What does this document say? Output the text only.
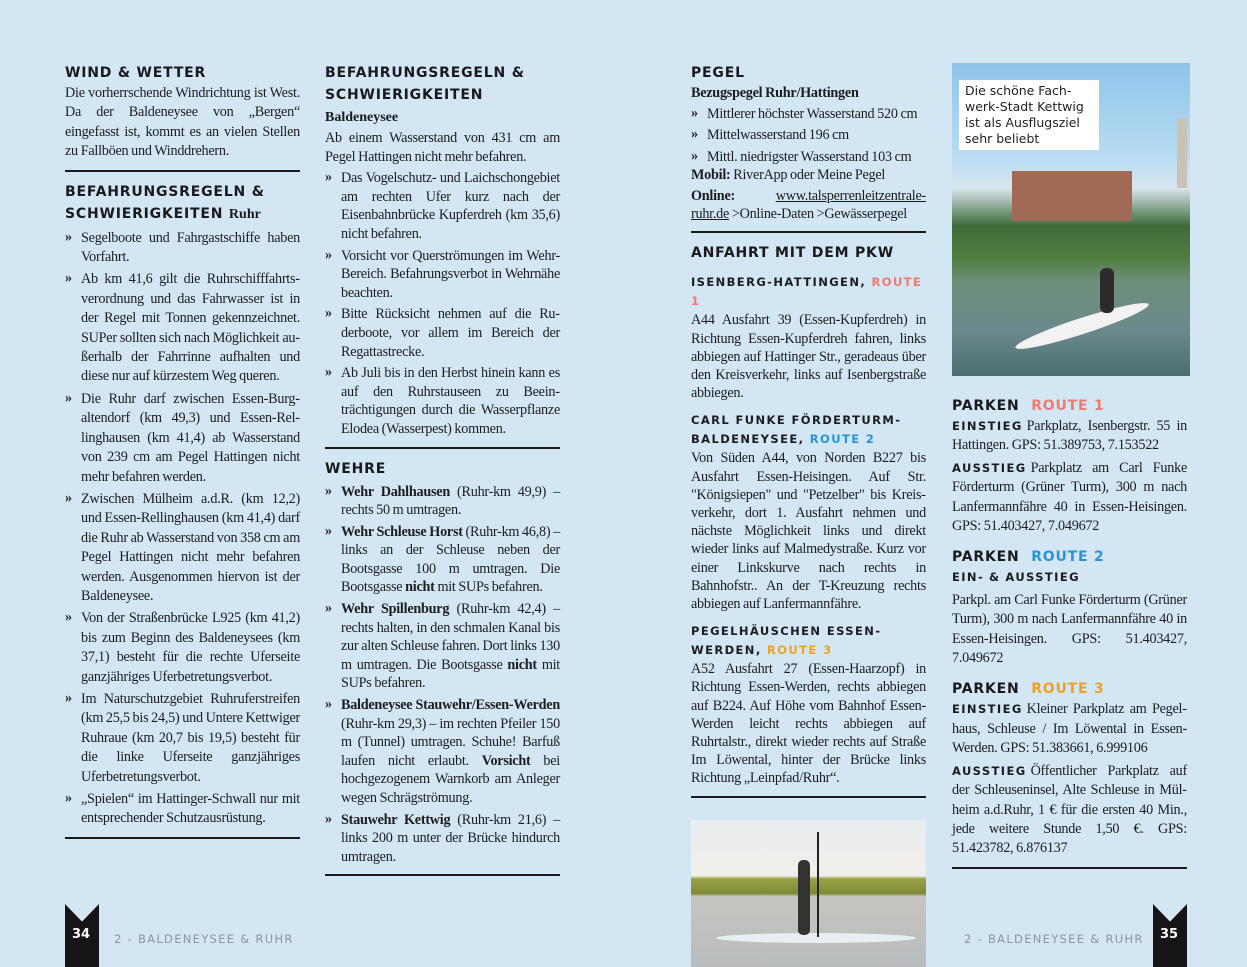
WIND & WETTER
Die vorherrschende Windrichtung ist West. Da der Baldeneysee von „Bergen“ eingefasst ist, kommt es an vielen Stellen zu Fallböen und Winddrehern.
BEFAHRUNGSREGELN & SCHWIERIGKEITEN Ruhr
» Segelboote und Fahrgastschiffe haben Vorfahrt.
» Ab km 41,6 gilt die Ruhrschifffahrtsverordnung und das Fahrwasser ist in der Regel mit Tonnen gekennzeichnet. SUPer sollten sich nach Möglichkeit außerhalb der Fahrrinne aufhalten und diese nur auf kürzestem Weg queren.
» Die Ruhr darf zwischen Essen-Burgaltendorf (km 49,3) und Essen-Rellinghausen (km 41,4) ab Wasserstand von 239 cm am Pegel Hattingen nicht mehr befahren werden.
» Zwischen Mülheim a.d.R. (km 12,2) und Essen-Rellinghausen (km 41,4) darf die Ruhr ab Wasserstand von 358 cm am Pegel Hattingen nicht mehr befahren werden. Ausgenommen hiervon ist der Baldeneysee.
» Von der Straßenbrücke L925 (km 41,2) bis zum Beginn des Baldeneysees (km 37,1) besteht für die rechte Uferseite ganzjähriges Uferbetretungsverbot.
» Im Naturschutzgebiet Ruhruferstreifen (km 25,5 bis 24,5) und Untere Kettwiger Ruhraue (km 20,7 bis 19,5) besteht für die linke Uferseite ganzjähriges Uferbetretungsverbot.
» „Spielen“ im Hattinger-Schwall nur mit entsprechender Schutzausrüstung.
BEFAHRUNGSREGELN & SCHWIERIGKEITEN Baldeneysee
Ab einem Wasserstand von 431 cm am Pegel Hattingen nicht mehr befahren.
» Das Vogelschutz- und Laichschongebiet am rechten Ufer kurz nach der Eisenbahnbrücke Kupferdreh (km 35,6) nicht befahren.
» Vorsicht vor Querströmungen im Wehr-Bereich. Befahrungsverbot in Wehrnähe beachten.
» Bitte Rücksicht nehmen auf die Ruderboote, vor allem im Bereich der Regattastrecke.
» Ab Juli bis in den Herbst hinein kann es auf den Ruhrstauseen zu Beeinträchtigungen durch die Wasserpflanze Elodea (Wasserpest) kommen.
WEHRE
» Wehr Dahlhausen (Ruhr-km 49,9) – rechts 50 m umtragen.
» Wehr Schleuse Horst (Ruhr-km 46,8) – links an der Schleuse neben der Bootsgasse 100 m umtragen. Die Bootsgasse nicht mit SUPs befahren.
» Wehr Spillenburg (Ruhr-km 42,4) – rechts halten, in den schmalen Kanal bis zur alten Schleuse fahren. Dort links 130 m umtragen. Die Bootsgasse nicht mit SUPs befahren.
» Baldeneysee Stauwehr/Essen-Werden (Ruhr-km 29,3) – im rechten Pfeiler 150 m (Tunnel) umtragen. Schuhe! Barfuß laufen nicht erlaubt. Vorsicht bei hochgezogenem Warnkorb am Anleger wegen Schrägströmung.
» Stauwehr Kettwig (Ruhr-km 21,6) – links 200 m unter der Brücke hindurch umtragen.
PEGEL
Bezugspegel Ruhr/Hattingen
» Mittlerer höchster Wasserstand 520 cm
» Mittelwasserstand 196 cm
» Mittl. niedrigster Wasserstand 103 cm
Mobil: RiverApp oder Meine Pegel
Online: www.talsperrenleitzentrale-ruhr.de >Online-Daten >Gewässerpegel
ANFAHRT MIT DEM PKW
ISENBERG-HATTINGEN, ROUTE 1
A44 Ausfahrt 39 (Essen-Kupferdreh) in Richtung Essen-Kupferdreh fahren, links abbiegen auf Hattinger Str., geradeaus über den Kreisverkehr, links auf Isenbergstraße abbiegen.
CARL FUNKE FÖRDERTURM-BALDENEYSEE, ROUTE 2
Von Süden A44, von Norden B227 bis Ausfahrt Essen-Heisingen. Auf Str. "Königsiepen" und "Petzelber" bis Kreisverkehr, dort 1. Ausfahrt nehmen und nächste Möglichkeit links und direkt wieder links auf Malmedystraße. Kurz vor einer Linkskurve nach rechts in Bahnhofstr.. An der T-Kreuzung rechts abbiegen auf Lanfermannfähre.
PEGELHÄUSCHEN ESSEN-WERDEN, ROUTE 3
A52 Ausfahrt 27 (Essen-Haarzopf) in Richtung Essen-Werden, rechts abbiegen auf B224. Auf Höhe vom Bahnhof Essen-Werden leicht rechts abbiegen auf Ruhrtalstr., direkt wieder rechts auf Straße Im Löwental, hinter der Brücke links Richtung „Leinpfad/Ruhr“.
PARKEN ROUTE 1
EINSTIEG Parkplatz, Isenbergstr. 55 in Hattingen. GPS: 51.389753, 7.153522
AUSSTIEG Parkplatz am Carl Funke Förderturm (Grüner Turm), 300 m nach Lanfermannfähre 40 in Essen-Heisingen. GPS: 51.403427, 7.049672
PARKEN ROUTE 2
EIN- & AUSSTIEG
Parkpl. am Carl Funke Förderturm (Grüner Turm), 300 m nach Lanfermannfähre 40 in Essen-Heisingen. GPS: 51.403427, 7.049672
PARKEN ROUTE 3
EINSTIEG Kleiner Parkplatz am Pegelhaus, Schleuse / Im Löwental in Essen-Werden. GPS: 51.383661, 6.999106
AUSSTIEG Öffentlicher Parkplatz auf der Schleuseninsel, Alte Schleuse in Mülheim a.d.Ruhr, 1 € für die ersten 40 Min., jede weitere Stunde 1,50 €. GPS: 51.423782, 6.876137
Die schöne Fachwerk-Stadt Kettwig ist als Ausflugsziel sehr beliebt
34 2 - BALDENEYSEE & RUHR	35
2 - BALDENEYSEE & RUHR
